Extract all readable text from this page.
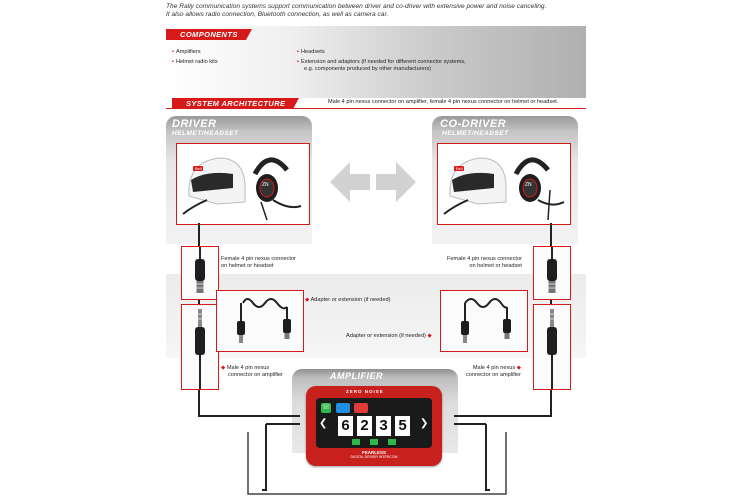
The Rally communication systems support communication between driver and co-driver with extensive power and noise canceling.
It also allows radio connection, Bluetooth connection, as well as camera car.
COMPONENTS
▪ Amplifiers
▪ Helmet radio kits
▪ Headsets
▪ Extension and adaptors (if needed for different connector systems,
e.g. components produced by other manufacturers)
SYSTEM ARCHITECTURE	Male 4 pin nexus connector on amplifier, female 4 pin nexus connector on helmet or headset.
DRIVER
HELMET/HEADSET
Bell
ZN
CO-DRIVER
HELMET/HEADSET
Bell
ZN
AMPLIFIER
Female 4 pin nexus connector
on helmet or headset
Female 4 pin nexus connector
on helmet or headset
◆ Adapter or extension (if needed)
Adapter or extension (if needed) ◆
◆ Male 4 pin nexus
connector on amplifier
Male 4 pin nexus ◆
connector on amplifier
ZERO NOISE
☏
❮	❯
6 2 3 5
FEARLESS
DIGITAL DRIVER INTERCOM
